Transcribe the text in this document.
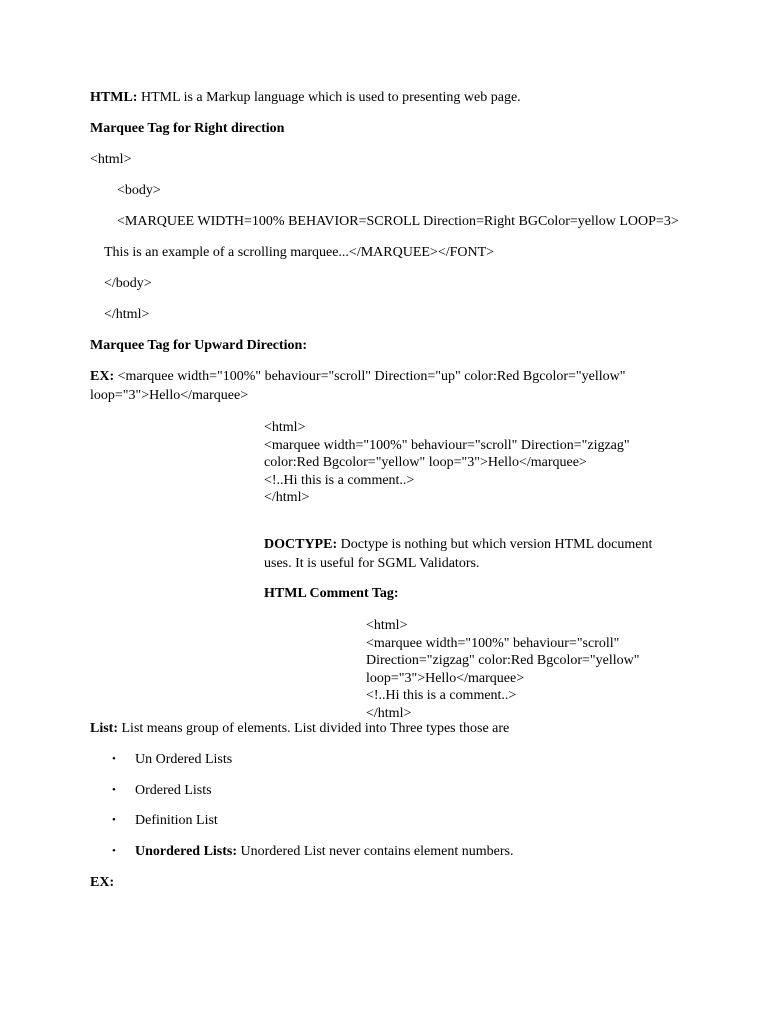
HTML: HTML is a Markup language which is used to presenting web page.
Marquee Tag for Right direction
<html>
<body>
<MARQUEE WIDTH=100% BEHAVIOR=SCROLL Direction=Right BGColor=yellow LOOP=3>
This is an example of a scrolling marquee...</MARQUEE></FONT>
</body>
</html>
Marquee Tag for Upward Direction:
EX: <marquee width="100%" behaviour="scroll" Direction="up" color:Red Bgcolor="yellow"
loop="3">Hello</marquee>
<html>
<marquee width="100%" behaviour="scroll" Direction="zigzag"
color:Red Bgcolor="yellow" loop="3">Hello</marquee>
<!..Hi this is a comment..>
</html>
DOCTYPE: Doctype is nothing but which version HTML document
uses. It is useful for SGML Validators.
HTML Comment Tag:
<html>
<marquee width="100%" behaviour="scroll"
Direction="zigzag" color:Red Bgcolor="yellow"
loop="3">Hello</marquee>
<!..Hi this is a comment..>
</html>
List: List means group of elements. List divided into Three types those are
• Un Ordered Lists
• Ordered Lists
• Definition List
• Unordered Lists: Unordered List never contains element numbers.
EX:
